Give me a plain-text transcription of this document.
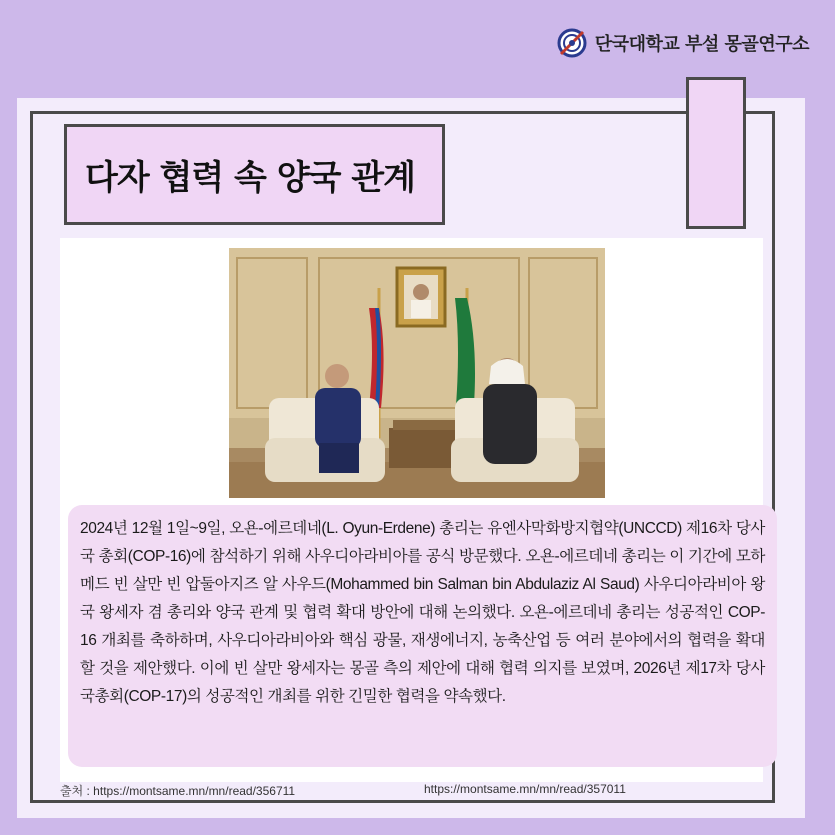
단국대학교 부설 몽골연구소
다자 협력 속 양국 관계

2024년 12월 1일~9일, 오욘-에르데네(L. Oyun-Erdene) 총리는 유엔사막화방지협약(UNCCD) 제16차 당사국 총회(COP-16)에 참석하기 위해 사우디아라비아를 공식 방문했다. 오욘-에르데네 총리는 이 기간에 모하메드 빈 살만 빈 압둘아지즈 알 사우드(Mohammed bin Salman bin Abdulaziz Al Saud) 사우디아라비아 왕국 왕세자 겸 총리와 양국 관계 및 협력 확대 방안에 대해 논의했다. 오욘-에르데네 총리는 성공적인 COP-16 개최를 축하하며, 사우디아라비아와 핵심 광물, 재생에너지, 농축산업 등 여러 분야에서의 협력을 확대할 것을 제안했다. 이에 빈 살만 왕세자는 몽골 측의 제안에 대해 협력 의지를 보였며, 2026년 제17차 당사국총회(COP-17)의 성공적인 개최를 위한 긴밀한 협력을 약속했다.

출처 : https://montsame.mn/mn/read/356711	https://montsame.mn/mn/read/357011
